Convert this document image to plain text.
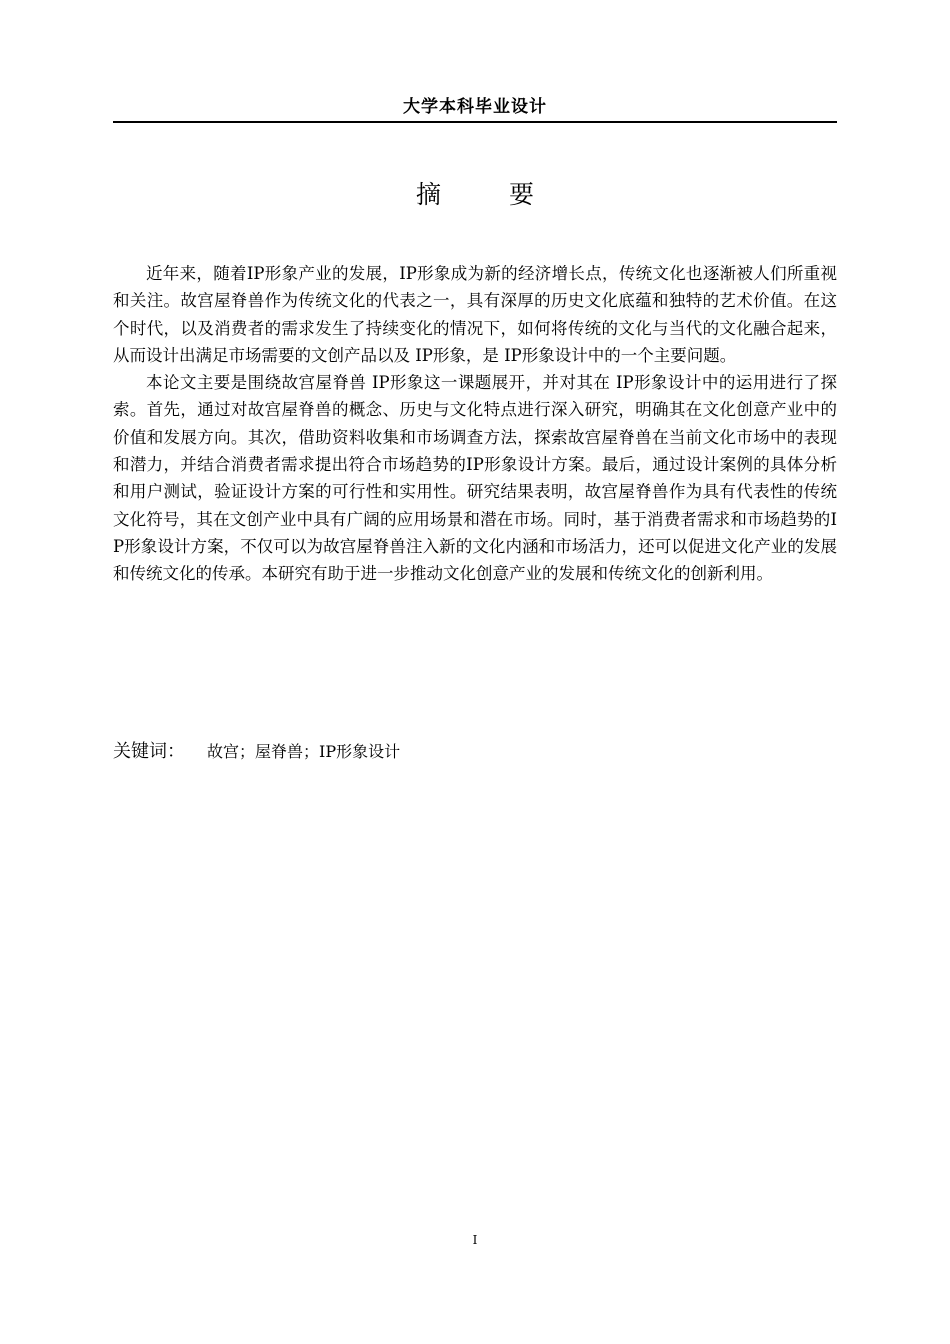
大学本科毕业设计
摘 要

近年来，随着IP形象产业的发展，IP形象成为新的经济增长点，传统文化也逐渐被人们所重视和关注。故宫屋脊兽作为传统文化的代表之一，具有深厚的历史文化底蕴和独特的艺术价值。在这个时代，以及消费者的需求发生了持续变化的情况下，如何将传统的文化与当代的文化融合起来，从而设计出满足市场需要的文创产品以及 IP形象，是 IP形象设计中的一个主要问题。

本论文主要是围绕故宫屋脊兽 IP形象这一课题展开，并对其在 IP形象设计中的运用进行了探索。首先，通过对故宫屋脊兽的概念、历史与文化特点进行深入研究，明确其在文化创意产业中的价值和发展方向。其次，借助资料收集和市场调查方法，探索故宫屋脊兽在当前文化市场中的表现和潜力，并结合消费者需求提出符合市场趋势的IP形象设计方案。最后，通过设计案例的具体分析和用户测试，验证设计方案的可行性和实用性。研究结果表明，故宫屋脊兽作为具有代表性的传统文化符号，其在文创产业中具有广阔的应用场景和潜在市场。同时，基于消费者需求和市场趋势的IP形象设计方案，不仅可以为故宫屋脊兽注入新的文化内涵和市场活力，还可以促进文化产业的发展和传统文化的传承。本研究有助于进一步推动文化创意产业的发展和传统文化的创新利用。

关键词： 故宫；屋脊兽；IP形象设计
I
